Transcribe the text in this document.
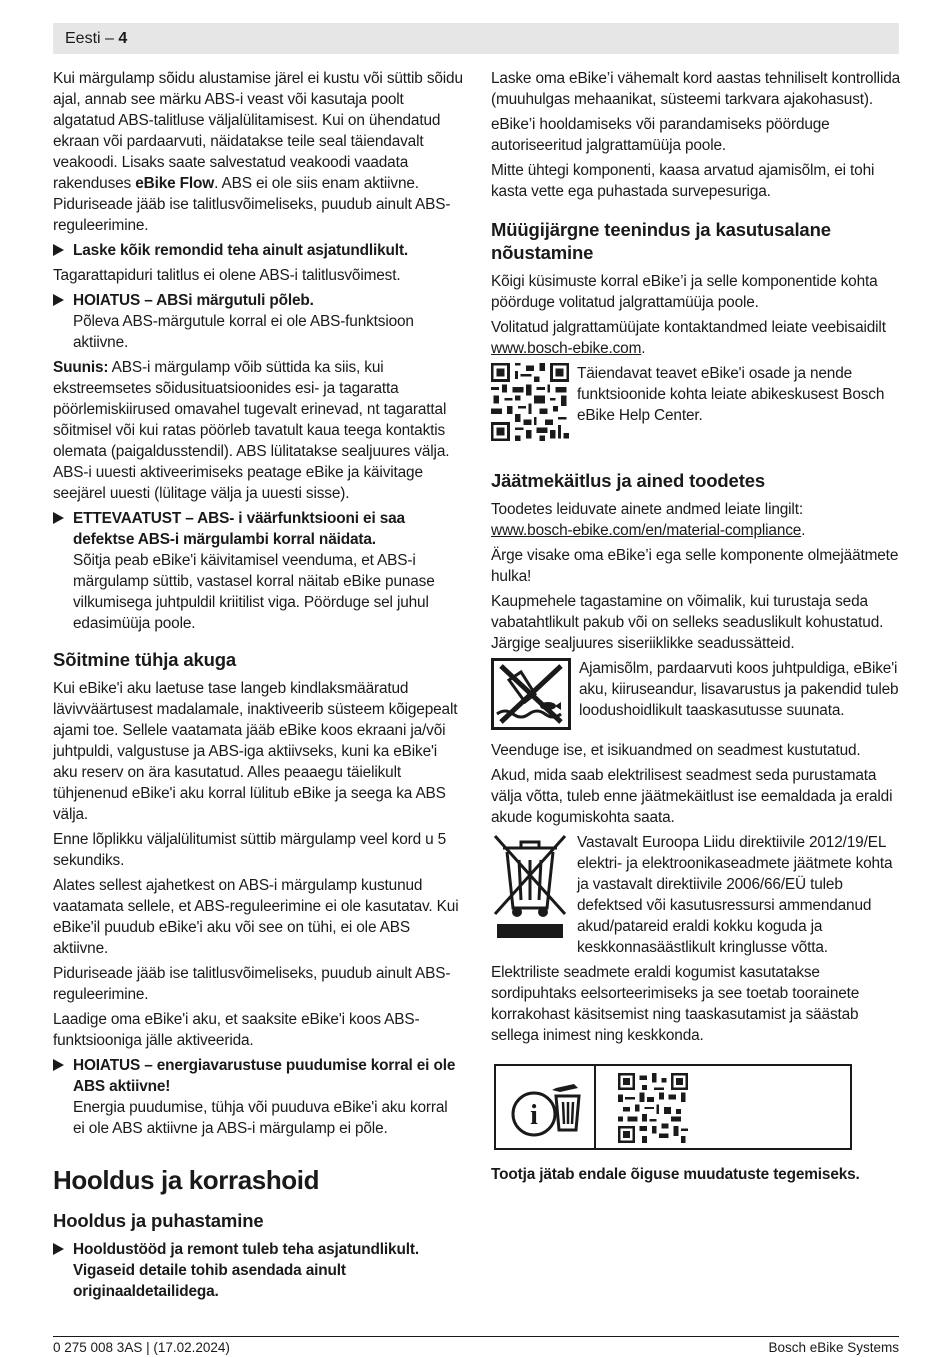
Eesti – 4

Kui märgulamp sõidu alustamise järel ei kustu või süttib sõidu ajal, annab see märku ABS-i veast või kasutaja poolt algatatud ABS-talitluse väljalülitamisest. Kui on ühendatud ekraan või pardaarvuti, näidatakse teile seal täiendavalt veakoodi. Lisaks saate salvestatud veakoodi vaadata rakenduses eBike Flow. ABS ei ole siis enam aktiivne. Piduriseade jääb ise talitlusvõimeliseks, puudub ainult ABS-reguleerimine.

Laske kõik remondid teha ainult asjatundlikult.

Tagarattapiduri talitlus ei olene ABS-i talitlusvõimest.

HOIATUS – ABSi märgutuli põleb.
Põleva ABS-märgutule korral ei ole ABS-funktsioon aktiivne.

Suunis: ABS-i märgulamp võib süttida ka siis, kui ekstreemsetes sõidusituatsioonides esi- ja tagaratta pöörlemiskiirused omavahel tugevalt erinevad, nt tagarattal sõitmisel või kui ratas pöörleb tavatult kaua teega kontaktis olemata (paigaldusstendil). ABS lülitatakse sealjuures välja. ABS-i uuesti aktiveerimiseks peatage eBike ja käivitage seejärel uuesti (lülitage välja ja uuesti sisse).

ETTEVAATUST – ABS- i väärfunktsiooni ei saa defektse ABS-i märgulambi korral näidata.
Sõitja peab eBike'i käivitamisel veenduma, et ABS-i märgulamp süttib, vastasel korral näitab eBike punase vilkumisega juhtpuldil kriitilist viga. Pöörduge sel juhul edasimüüja poole.
Sõitmine tühja akuga

Kui eBike'i aku laetuse tase langeb kindlaksmääratud lävivväärtusest madalamale, inaktiveerib süsteem kõigepealt ajami toe. Sellele vaatamata jääb eBike koos ekraani ja/või juhtpuldi, valgustuse ja ABS-iga aktiivseks, kuni ka eBike'i aku reserv on ära kasutatud. Alles peaaegu täielikult tühjenenud eBike'i aku korral lülitub eBike ja seega ka ABS välja.

Enne lõplikku väljalülitumist süttib märgulamp veel kord u 5 sekundiks.

Alates sellest ajahetkest on ABS-i märgulamp kustunud vaatamata sellele, et ABS-reguleerimine ei ole kasutatav. Kui eBike'il puudub eBike'i aku või see on tühi, ei ole ABS aktiivne.

Piduriseade jääb ise talitlusvõimeliseks, puudub ainult ABS-reguleerimine.

Laadige oma eBike'i aku, et saaksite eBike'i koos ABS-funktsiooniga jälle aktiveerida.

HOIATUS – energiavarustuse puudumise korral ei ole ABS aktiivne!
Energia puudumise, tühja või puuduva eBike'i aku korral ei ole ABS aktiivne ja ABS-i märgulamp ei põle.
Hooldus ja korrashoid
Hooldus ja puhastamine
Hooldustööd ja remont tuleb teha asjatundlikult. Vigaseid detaile tohib asendada ainult originaaldetailidega.

Laske oma eBike’i vähemalt kord aastas tehniliselt kontrollida (muuhulgas mehaanikat, süsteemi tarkvara ajakohasust).

eBike’i hooldamiseks või parandamiseks pöörduge autoriseeritud jalgrattamüüja poole.

Mitte ühtegi komponenti, kaasa arvatud ajamisõlm, ei tohi kasta vette ega puhastada survepesuriga.

Müügijärgne teenindus ja kasutusalane nõustamine

Kõigi küsimuste korral eBike’i ja selle komponentide kohta pöörduge volitatud jalgrattamüüja poole.

Volitatud jalgrattamüüjate kontaktandmed leiate veebisaidilt
www.bosch-ebike.com.

Täiendavat teavet eBike'i osade ja nende funktsioonide kohta leiate abikeskusest Bosch eBike Help Center.
Jäätmekäitlus ja ained toodetes

Toodetes leiduvate ainete andmed leiate lingilt:
www.bosch-ebike.com/en/material-compliance.

Ärge visake oma eBike’i ega selle komponente olmejäätmete hulka!

Kaupmehele tagastamine on võimalik, kui turustaja seda vabatahtlikult pakub või on selleks seaduslikult kohustatud. Järgige sealjuures siseriiklikke seadussätteid.

Ajamisõlm, pardaarvuti koos juhtpuldiga, eBike'i aku, kiiruseandur, lisavarustus ja pakendid tuleb loodushoidlikult taaskasutusse suunata.

Veenduge ise, et isikuandmed on seadmest kustutatud.

Akud, mida saab elektrilisest seadmest seda purustamata välja võtta, tuleb enne jäätmekäitlust ise eemaldada ja eraldi akude kogumiskohta saata.

Vastavalt Euroopa Liidu direktiivile 2012/19/EL elektri- ja elektroonikaseadmete jäätmete kohta ja vastavalt direktiivile 2006/66/EÜ tuleb defektsed või kasutusressursi ammendanud akud/patareid eraldi kokku koguda ja keskkonnasäästlikult kringlusse võtta.

Elektriliste seadmete eraldi kogumist kasutatakse sordipuhtaks eelsorteerimiseks ja see toetab toorainete korrakohast käsitsemist ning taaskasutamist ja säästab sellega inimest ning keskkonda.

i

Tootja jätab endale õiguse muudatuste tegemiseks.

0 275 008 3AS | (17.02.2024)	Bosch eBike Systems
